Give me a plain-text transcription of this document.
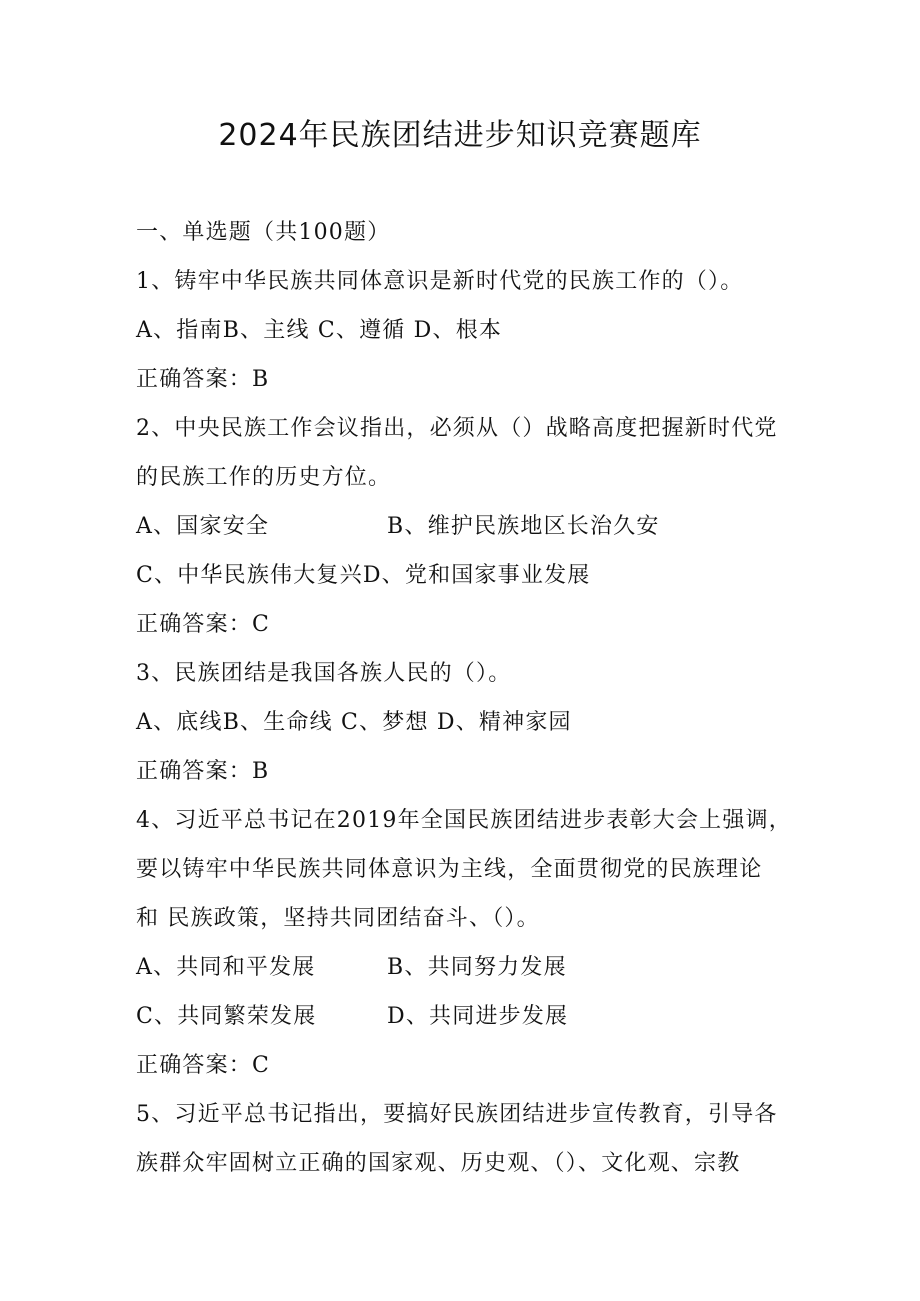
2024年民族团结进步知识竞赛题库
一、单选题（共100题）
1、铸牢中华民族共同体意识是新时代党的民族工作的（）。
A、指南B、主线 C、遵循 D、根本
正确答案：B
2、中央民族工作会议指出，必须从（）战略高度把握新时代党
的民族工作的历史方位。
A、国家安全	B、维护民族地区长治久安
C、中华民族伟大复兴D、党和国家事业发展
正确答案：C
3、民族团结是我国各族人民的（）。
A、底线B、生命线 C、梦想 D、精神家园
正确答案：B
4、习近平总书记在2019年全国民族团结进步表彰大会上强调，
要以铸牢中华民族共同体意识为主线，全面贯彻党的民族理论
和 民族政策，坚持共同团结奋斗、（）。
A、共同和平发展	B、共同努力发展
C、共同繁荣发展	D、共同进步发展
正确答案：C
5、习近平总书记指出，要搞好民族团结进步宣传教育，引导各
族群众牢固树立正确的国家观、历史观、（）、文化观、宗教
